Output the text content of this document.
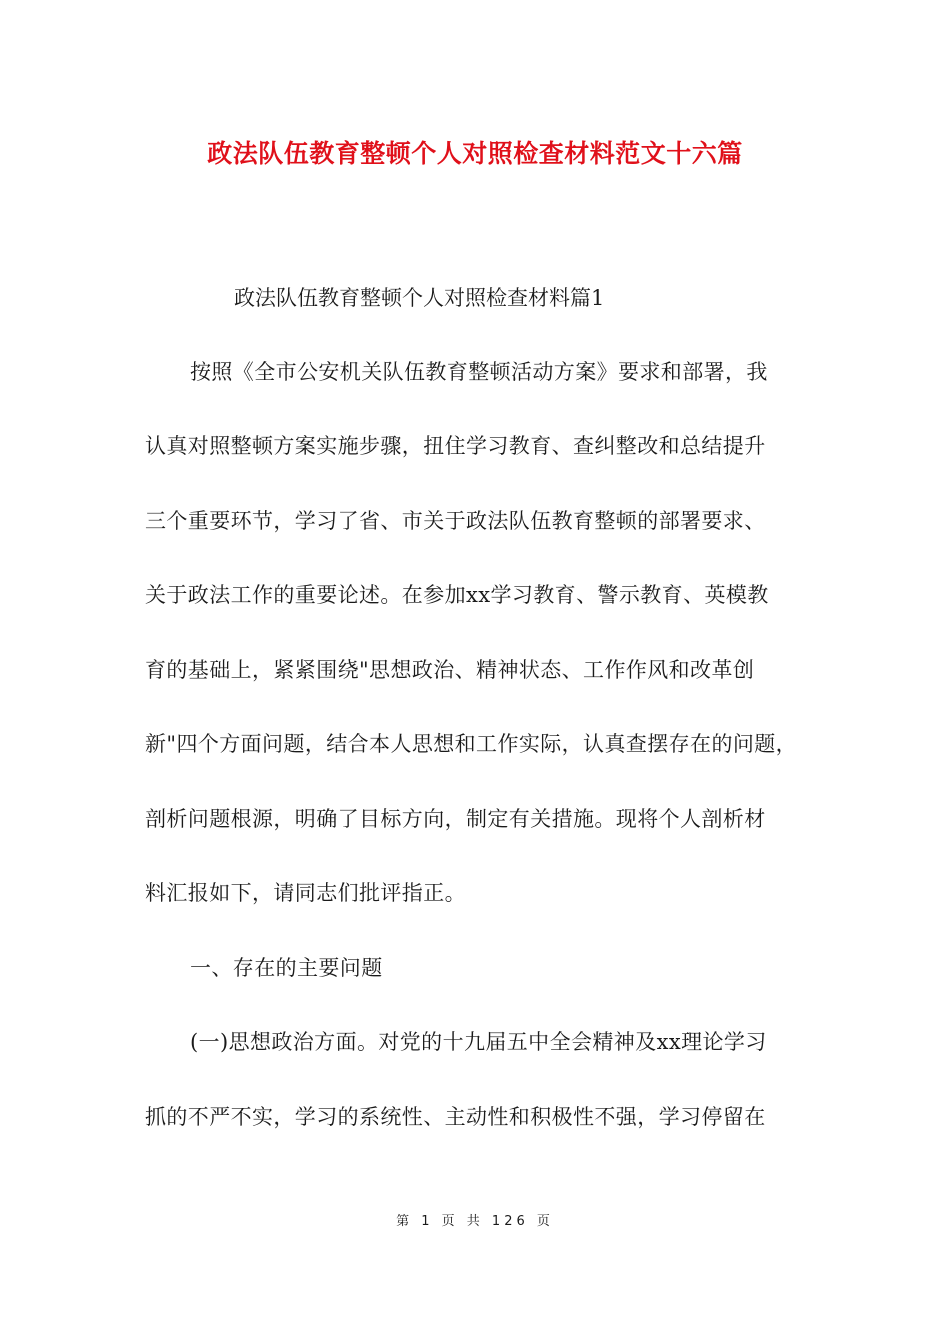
政法队伍教育整顿个人对照检查材料范文十六篇
政法队伍教育整顿个人对照检查材料篇1
按照《全市公安机关队伍教育整顿活动方案》要求和部署，我
认真对照整顿方案实施步骤，扭住学习教育、查纠整改和总结提升
三个重要环节，学习了省、市关于政法队伍教育整顿的部署要求、
关于政法工作的重要论述。在参加xx学习教育、警示教育、英模教
育的基础上，紧紧围绕"思想政治、精神状态、工作作风和改革创
新"四个方面问题，结合本人思想和工作实际，认真查摆存在的问题，
剖析问题根源，明确了目标方向，制定有关措施。现将个人剖析材
料汇报如下，请同志们批评指正。
一、存在的主要问题
(一)思想政治方面。对党的十九届五中全会精神及xx理论学习
抓的不严不实，学习的系统性、主动性和积极性不强，学习停留在
第 1 页 共 126 页
